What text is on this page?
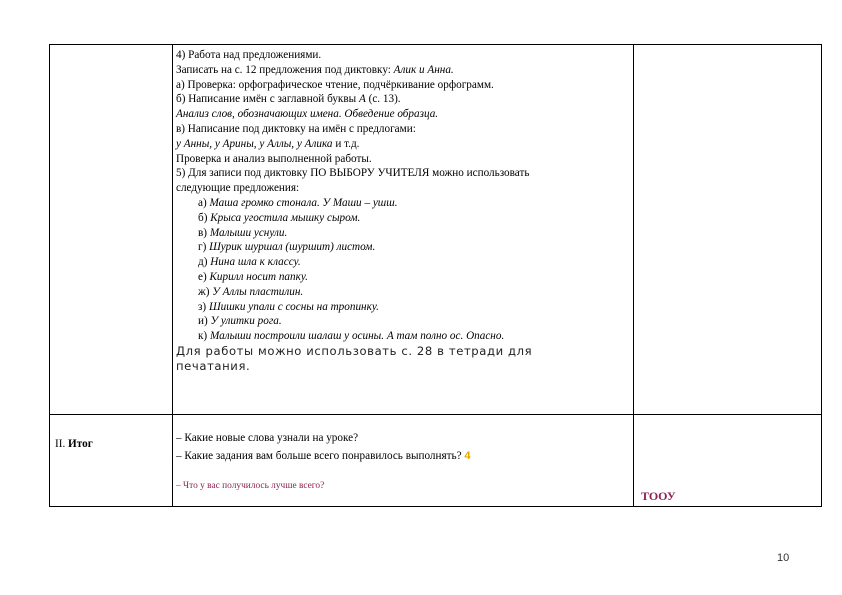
4) Работа над предложениями.
Записать на с. 12 предложения под диктовку: Алик и Анна.
а) Проверка: орфографическое чтение, подчёркивание орфограмм.
б) Написание имён с заглавной буквы А (с. 13).
Анализ слов, обозначающих имена. Обведение образца.
в) Написание под диктовку на имён с предлогами:
у Анны, у Арины, у Аллы, у Алика и т.д.
Проверка и анализ выполненной работы.
5) Для записи под диктовку ПО ВЫБОРУ УЧИТЕЛЯ можно использовать
следующие предложения:
а) Маша громко стонала. У Маши – ушш.
б) Крыса угостила мышку сыром.
в) Малыши уснули.
г) Шурик шуршал (шуршит) листом.
д) Нина шла к классу.
е) Кирилл носит папку.
ж) У Аллы пластилин.
з) Шишки упали с сосны на тропинку.
и) У улитки рога.
к) Малыши построили шалаш у осины. А там полно ос. Опасно.
Для работы можно использовать с. 28 в тетради для
печатания.
II. Итог	– Какие новые слова узнали на уроке?
– Какие задания вам больше всего понравилось выполнять? 4
– Что у вас получилось лучше всего?
ТООУ
10
